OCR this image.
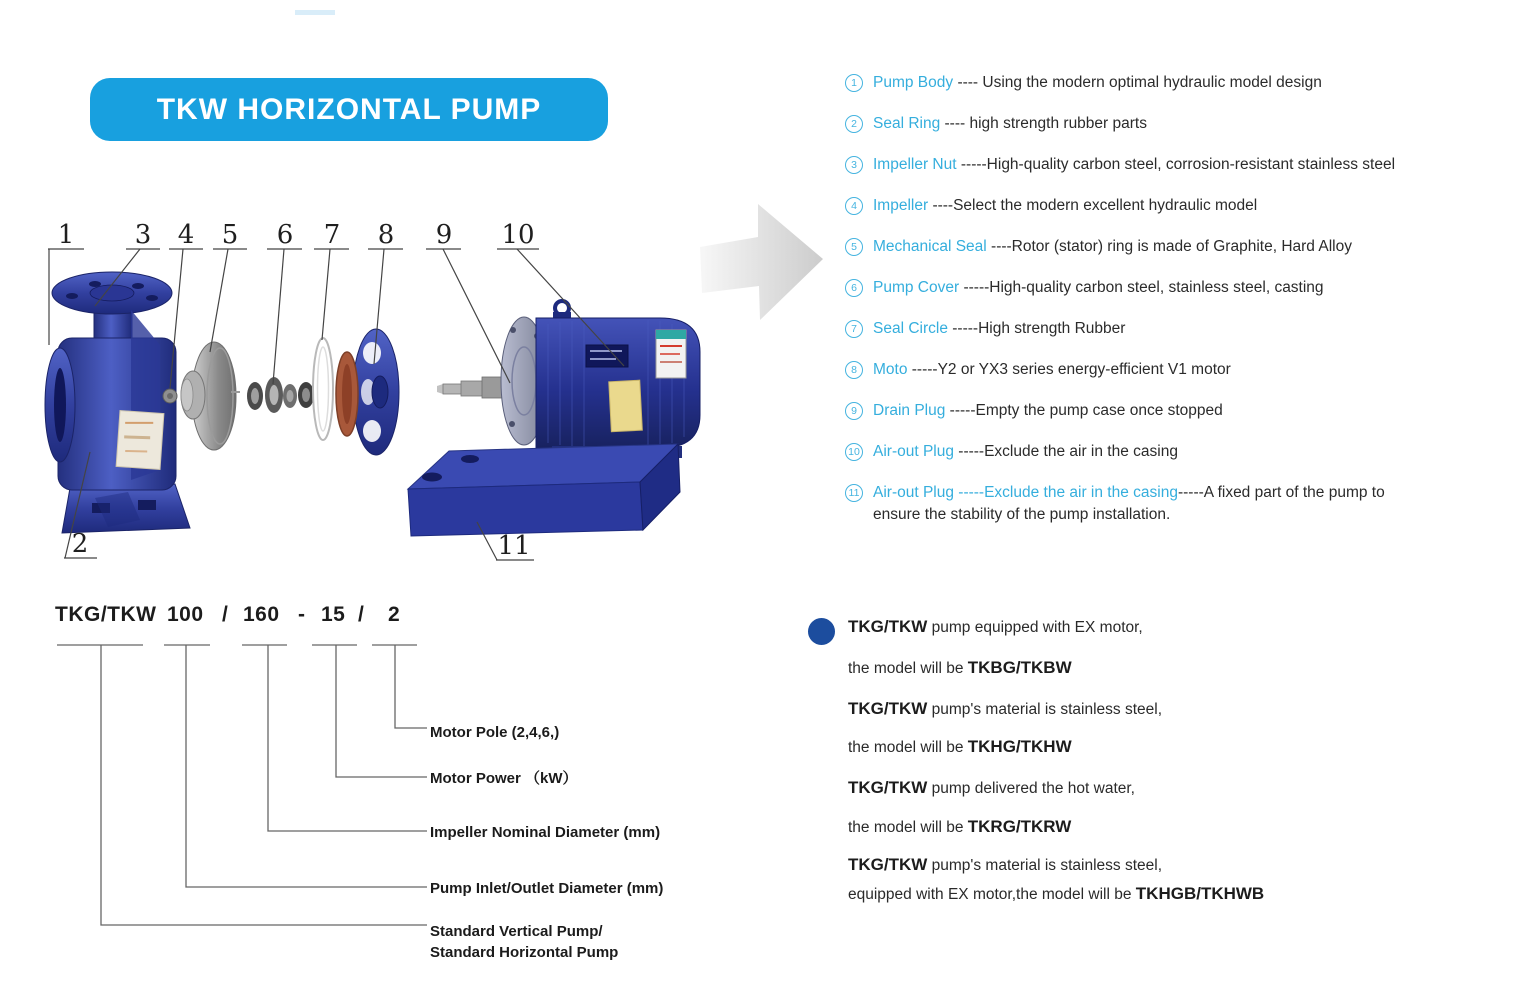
TKW HORIZONTAL PUMP
1
2
3 4 5 6 7 8 9 10
11
1	Pump Body ---- Using the modern optimal hydraulic model design
2	Seal Ring ---- high strength rubber parts
3	Impeller Nut -----High-quality carbon steel, corrosion-resistant stainless steel
4	Impeller ----Select the modern excellent hydraulic model
5	Mechanical Seal ----Rotor (stator) ring is made of Graphite, Hard Alloy
6	Pump Cover -----High-quality carbon steel, stainless steel, casting
7	Seal Circle -----High strength Rubber
8	Moto -----Y2 or YX3 series energy-efficient V1 motor
9	Drain Plug -----Empty the pump case once stopped
10 Air-out Plug -----Exclude the air in the casing
11 Air-out Plug -----Exclude the air in the casing-----A fixed part of the pump to
ensure the stability of the pump installation.
TKG/TKW 100 / 160 - 15 / 2
Motor Pole (2,4,6,)
Motor Power （kW）
Impeller Nominal Diameter (mm)
Pump Inlet/Outlet Diameter (mm)
Standard Vertical Pump/
Standard Horizontal Pump
TKG/TKW pump equipped with EX motor,
the model will be TKBG/TKBW
TKG/TKW pump's material is stainless steel,
the model will be TKHG/TKHW
TKG/TKW pump delivered the hot water,
the model will be TKRG/TKRW
TKG/TKW pump's material is stainless steel,
equipped with EX motor,the model will be TKHGB/TKHWB
